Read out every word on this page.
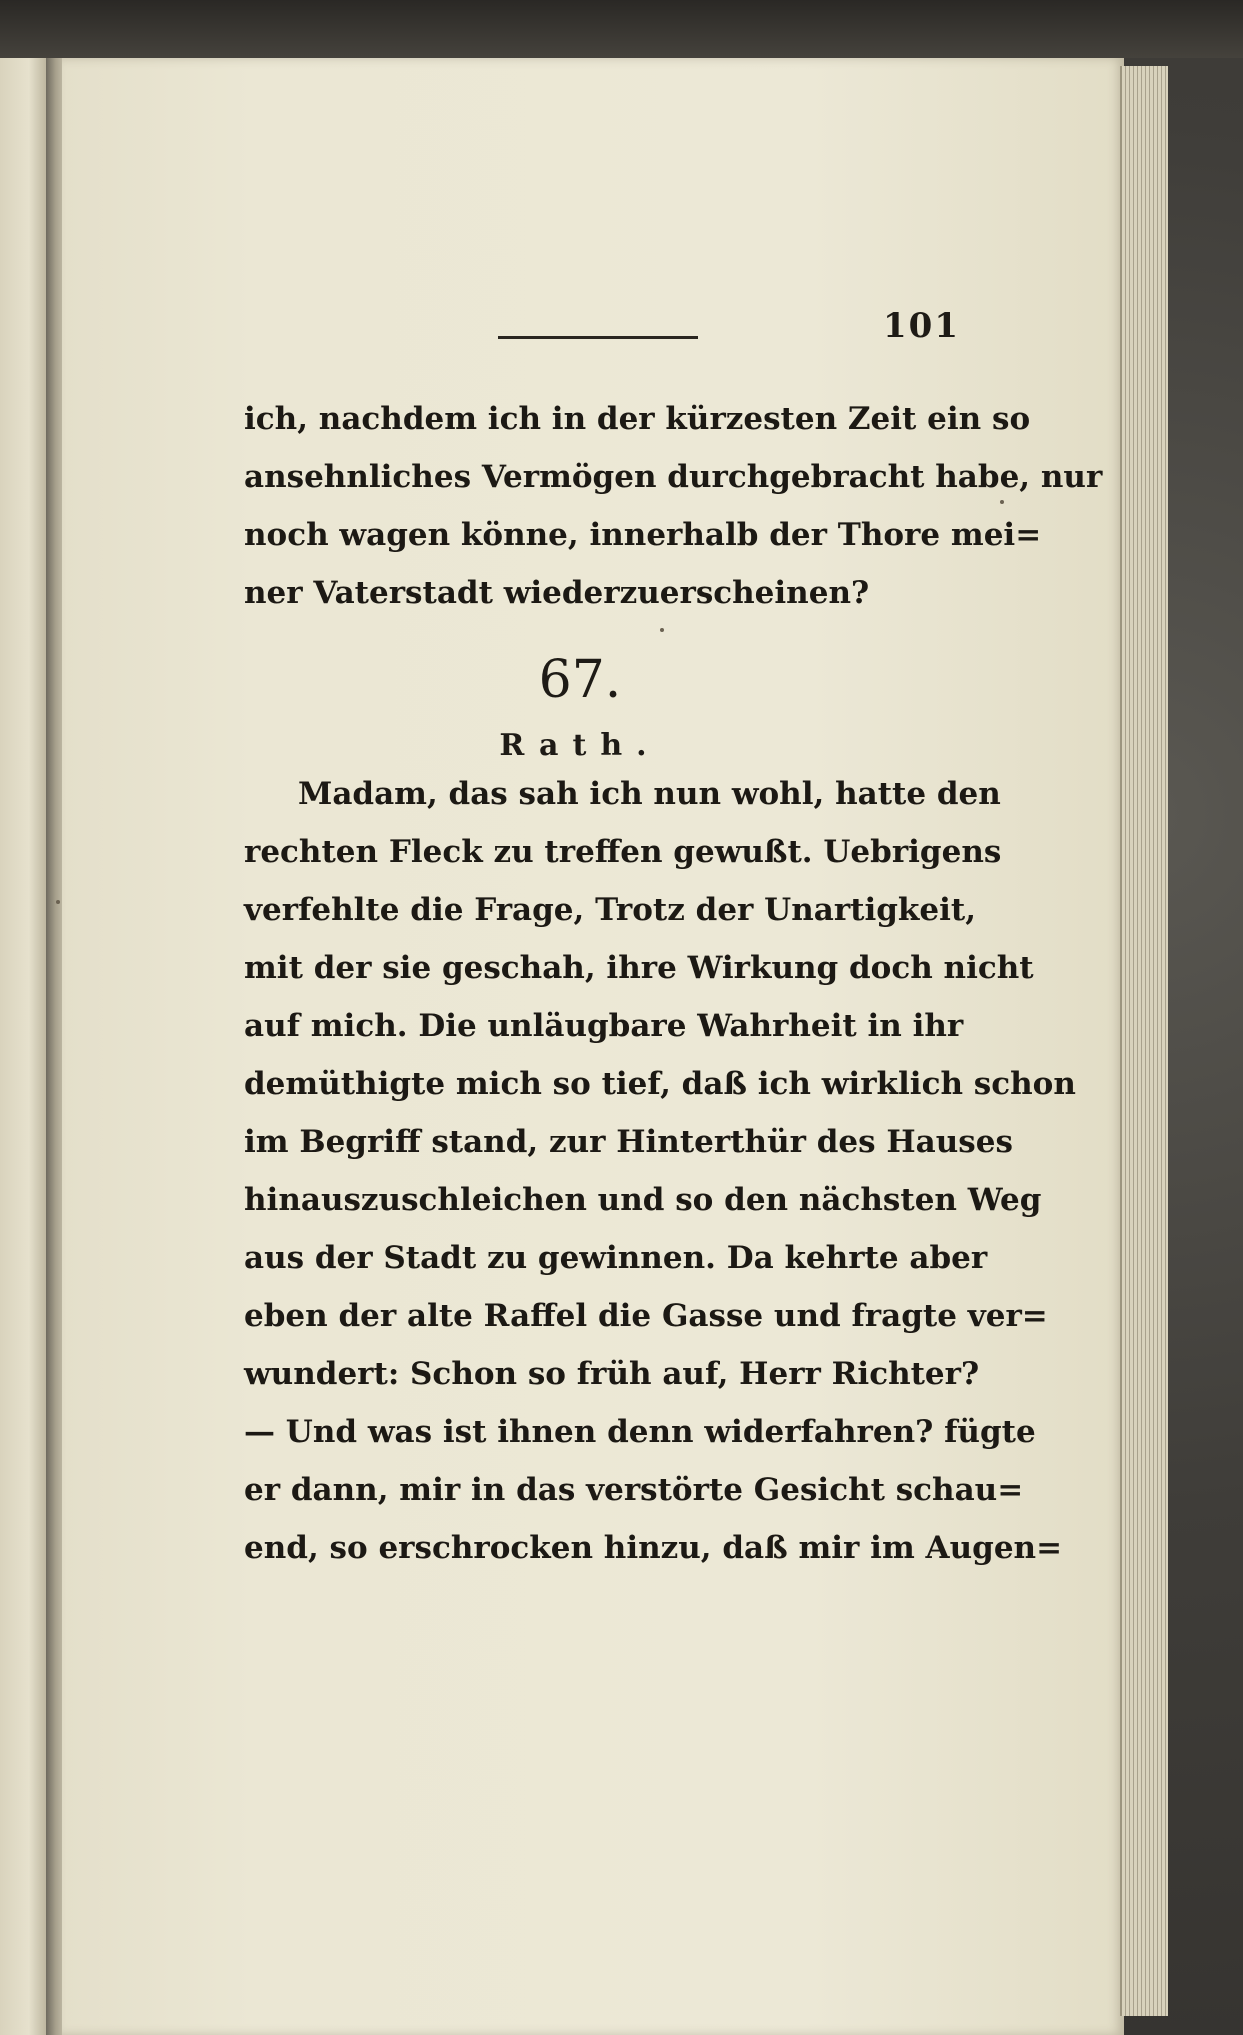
101
ich, nachdem ich in der kürzesten Zeit ein so
ansehnliches Vermögen durchgebracht habe, nur
noch wagen könne, innerhalb der Thore mei=
ner Vaterstadt wiederzuerscheinen?
67.
Rath.
Madam, das sah ich nun wohl, hatte den
rechten Fleck zu treffen gewußt. Uebrigens
verfehlte die Frage, Trotz der Unartigkeit,
mit der sie geschah, ihre Wirkung doch nicht
auf mich. Die unläugbare Wahrheit in ihr
demüthigte mich so tief, daß ich wirklich schon
im Begriff stand, zur Hinterthür des Hauses
hinauszuschleichen und so den nächsten Weg
aus der Stadt zu gewinnen. Da kehrte aber
eben der alte Raffel die Gasse und fragte ver=
wundert: Schon so früh auf, Herr Richter?
— Und was ist ihnen denn widerfahren? fügte
er dann, mir in das verstörte Gesicht schau=
end, so erschrocken hinzu, daß mir im Augen=
